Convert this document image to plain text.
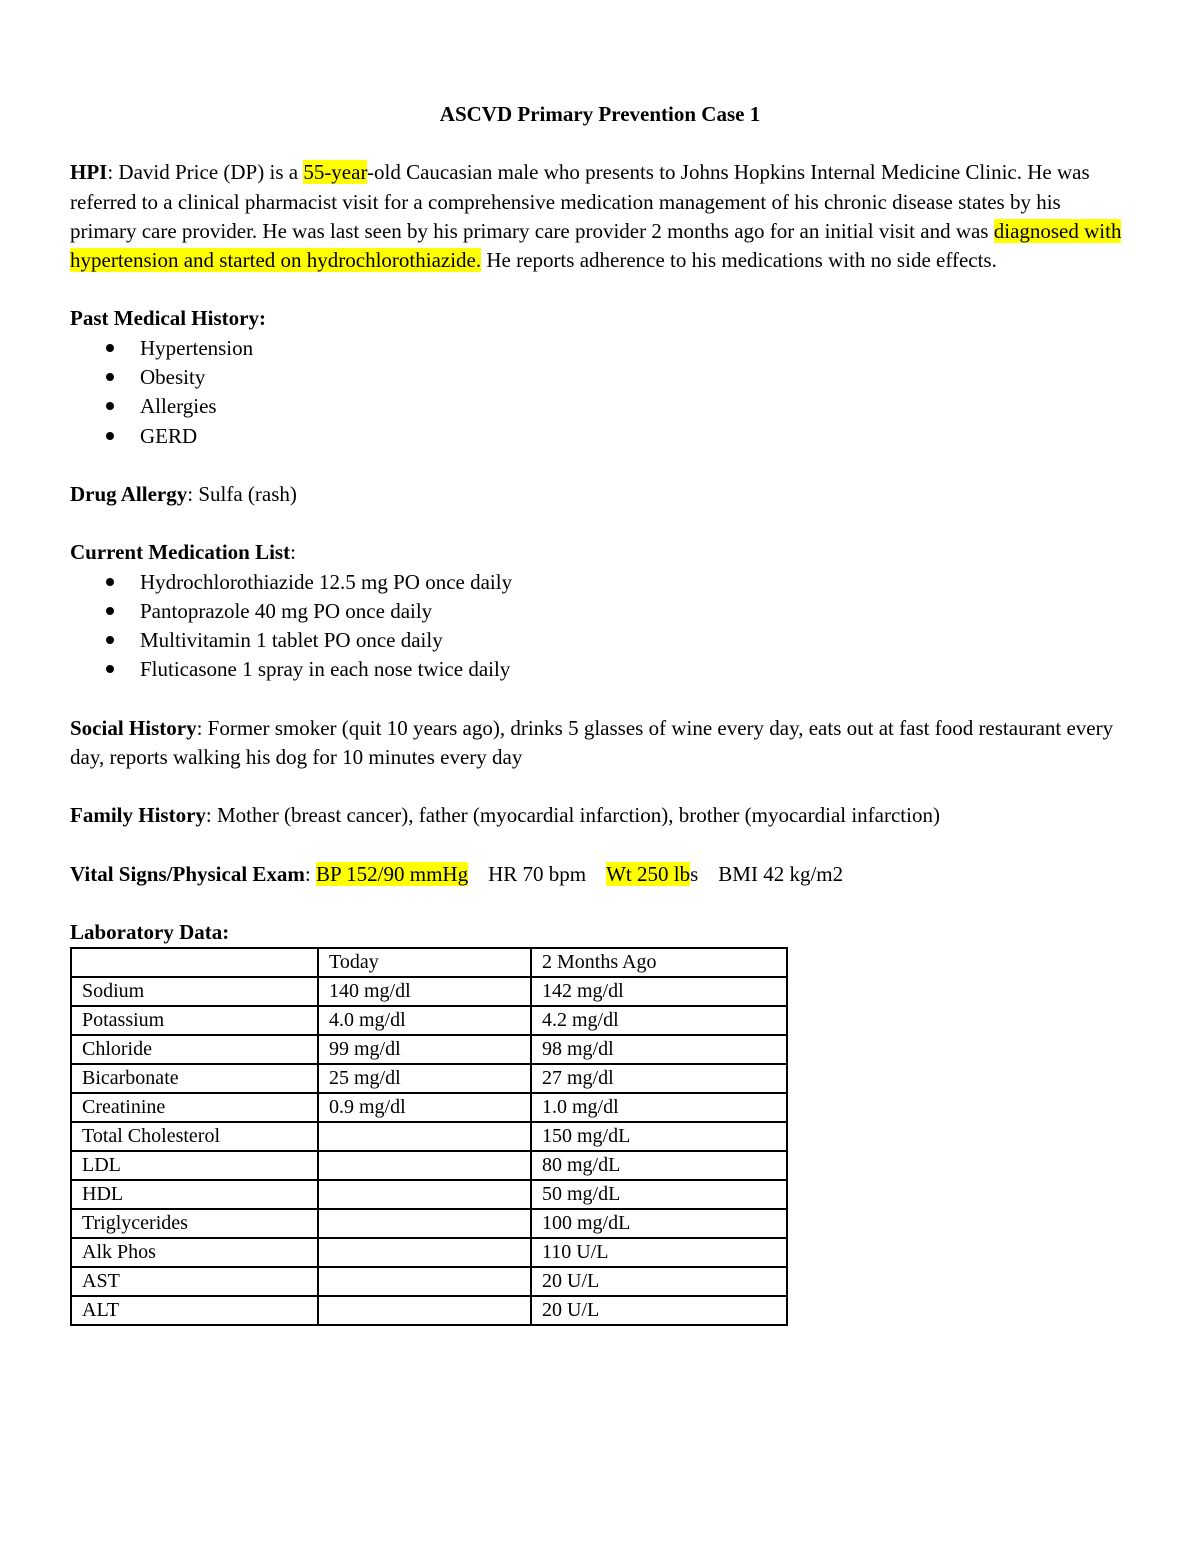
ASCVD Primary Prevention Case 1

HPI: David Price (DP) is a 55-year-old Caucasian male who presents to Johns Hopkins Internal Medicine Clinic. He was referred to a clinical pharmacist visit for a comprehensive medication management of his chronic disease states by his primary care provider. He was last seen by his primary care provider 2 months ago for an initial visit and was diagnosed with hypertension and started on hydrochlorothiazide. He reports adherence to his medications with no side effects.

Past Medical History:

Hypertension
Obesity
Allergies
GERD

Drug Allergy: Sulfa (rash)

Current Medication List:

Hydrochlorothiazide 12.5 mg PO once daily
Pantoprazole 40 mg PO once daily
Multivitamin 1 tablet PO once daily
Fluticasone 1 spray in each nose twice daily

Social History: Former smoker (quit 10 years ago), drinks 5 glasses of wine every day, eats out at fast food restaurant every day, reports walking his dog for 10 minutes every day

Family History: Mother (breast cancer), father (myocardial infarction), brother (myocardial infarction)

Vital Signs/Physical Exam: BP 152/90 mmHg HR 70 bpm Wt 250 lbs BMI 42 kg/m2

Laboratory Data:

	Today	2 Months Ago
Sodium	140 mg/dl	142 mg/dl
Potassium	4.0 mg/dl	4.2 mg/dl
Chloride	99 mg/dl	98 mg/dl
Bicarbonate	25 mg/dl	27 mg/dl
Creatinine	0.9 mg/dl	1.0 mg/dl
Total Cholesterol		150 mg/dL
LDL		80 mg/dL
HDL		50 mg/dL
Triglycerides		100 mg/dL
Alk Phos		110 U/L
AST		20 U/L
ALT		20 U/L
